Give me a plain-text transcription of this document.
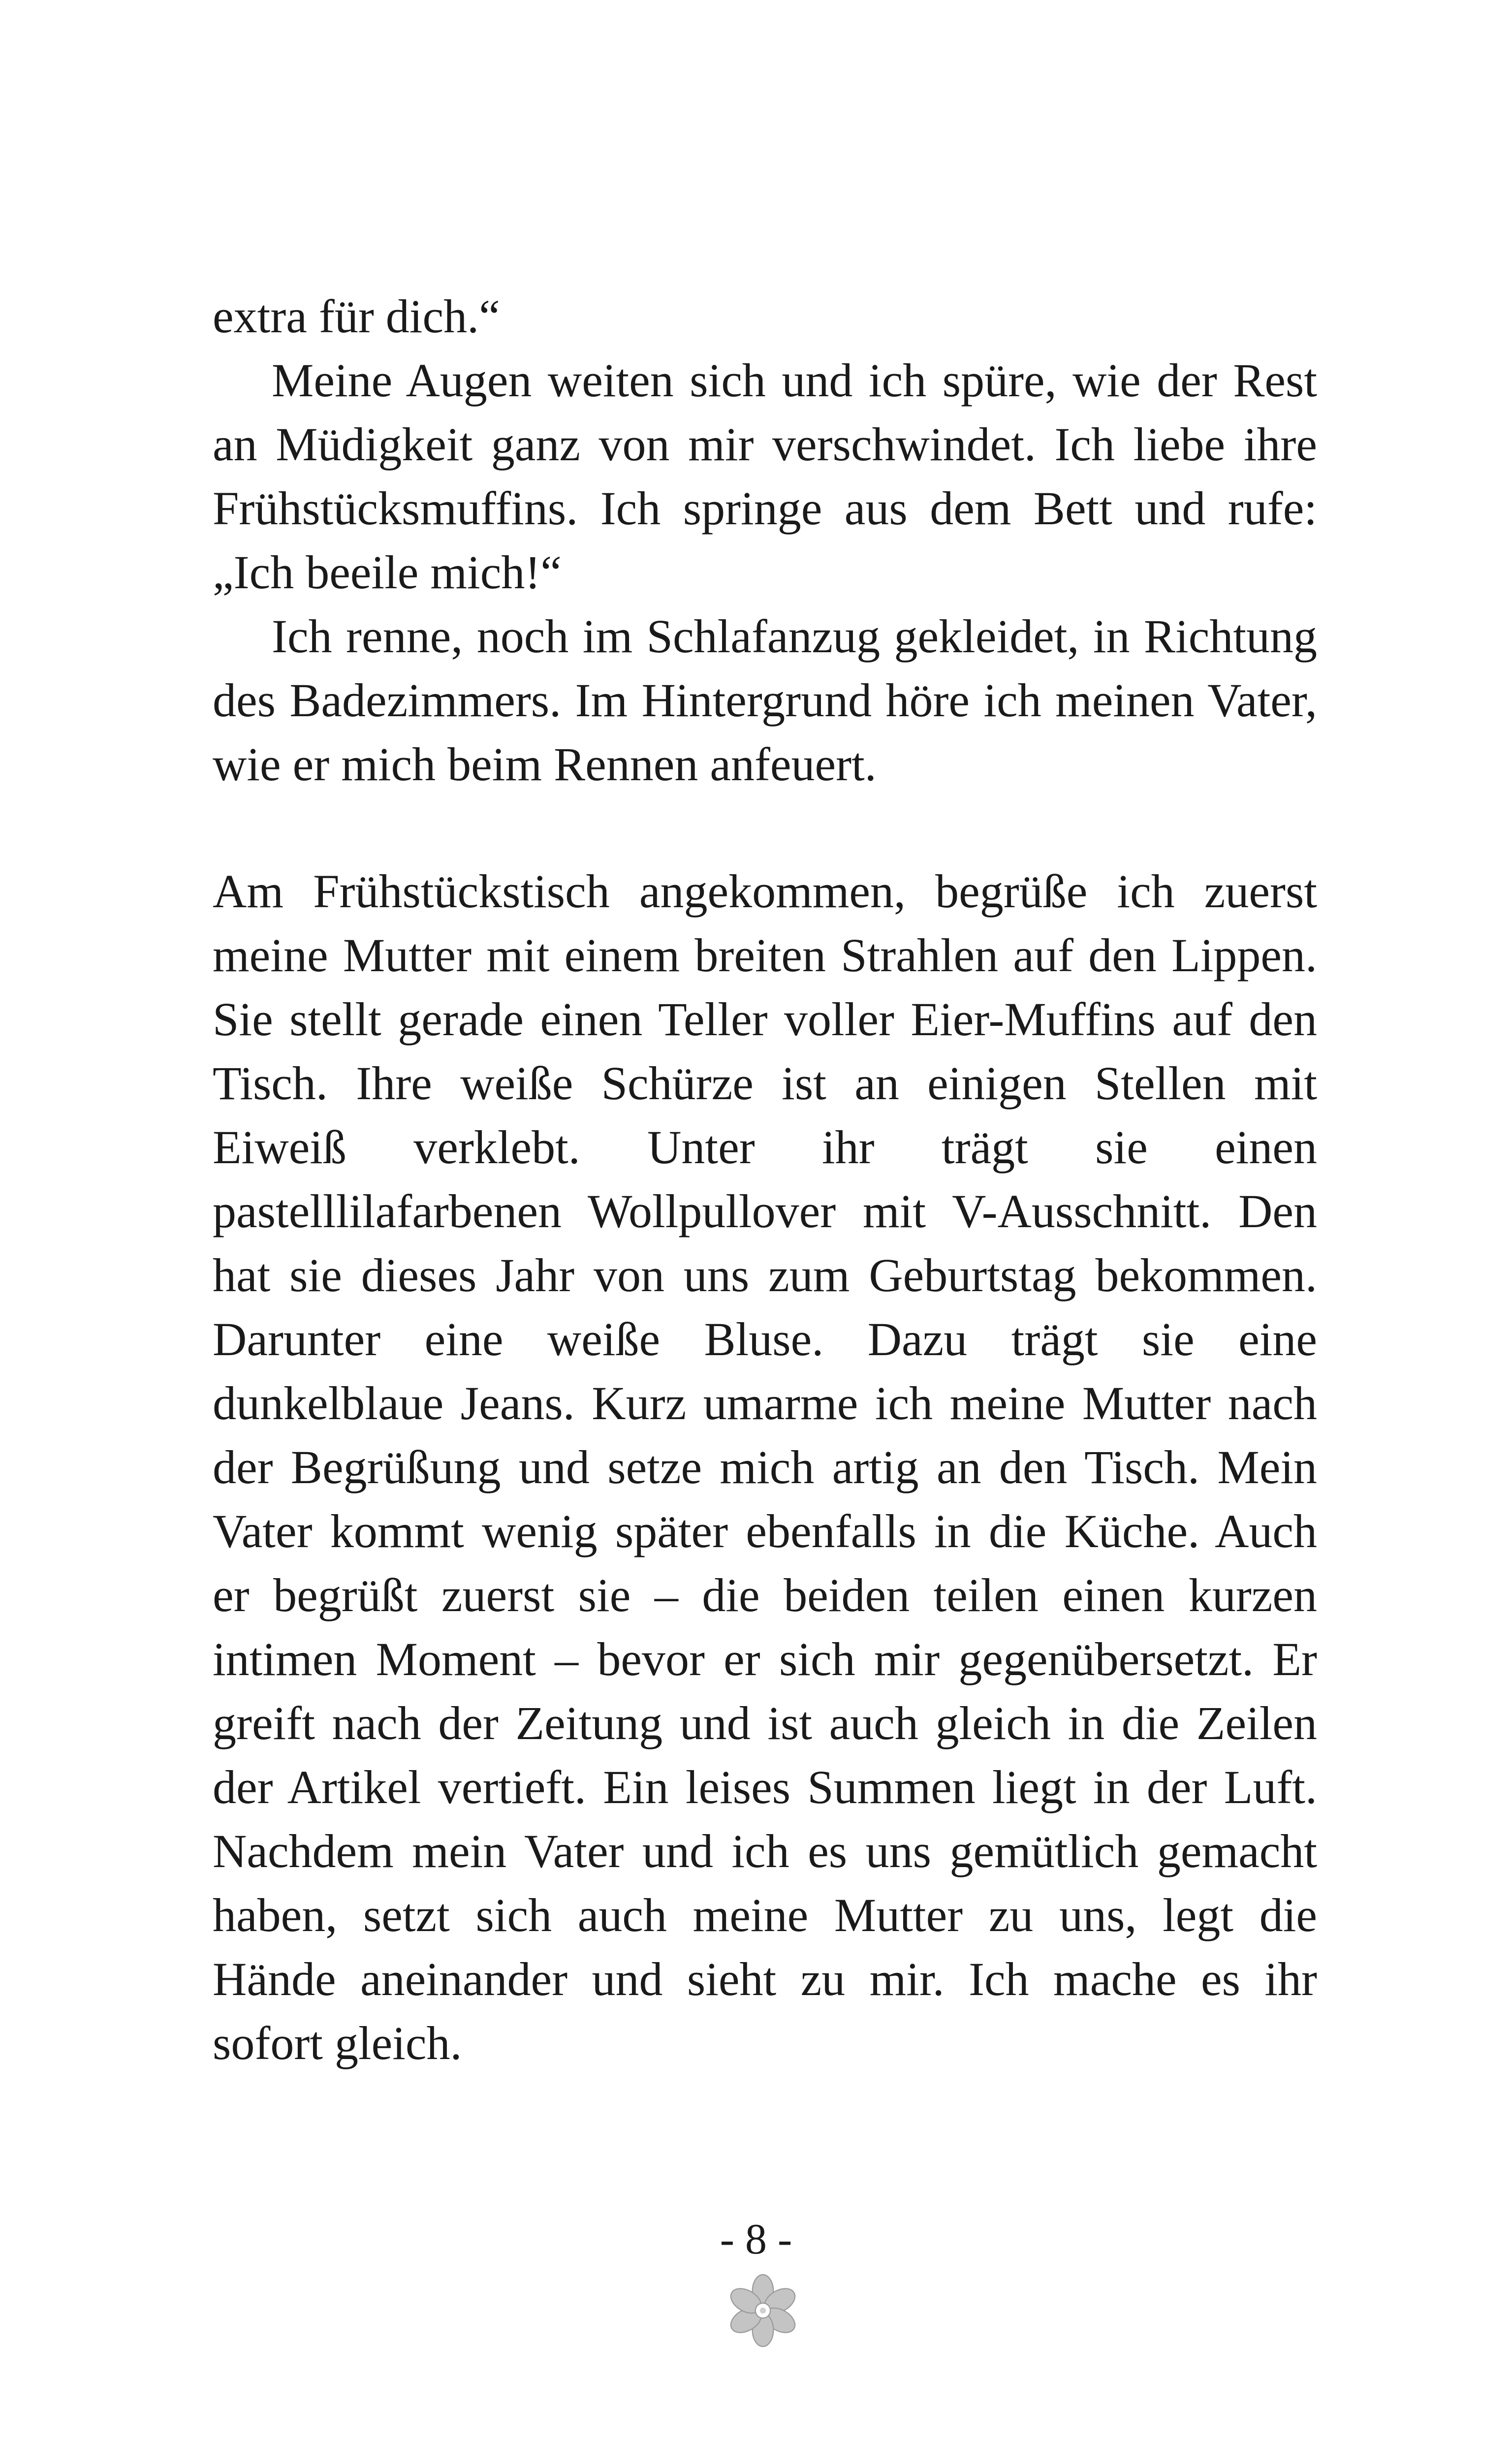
extra für dich.“

Meine Augen weiten sich und ich spüre, wie der Rest an Müdigkeit ganz von mir verschwindet. Ich liebe ihre Frühstücksmuffins. Ich springe aus dem Bett und rufe: „Ich beeile mich!“

Ich renne, noch im Schlafanzug gekleidet, in Richtung des Badezimmers. Im Hintergrund höre ich meinen Vater, wie er mich beim Rennen anfeuert.

Am Frühstückstisch angekommen, begrüße ich zuerst meine Mutter mit einem breiten Strahlen auf den Lippen. Sie stellt gerade einen Teller voller Eier-Muffins auf den Tisch. Ihre weiße Schürze ist an einigen Stellen mit Eiweiß verklebt. Unter ihr trägt sie einen pastelllilafarbenen Wollpullover mit V-Ausschnitt. Den hat sie dieses Jahr von uns zum Geburtstag bekommen. Darunter eine weiße Bluse. Dazu trägt sie eine dunkelblaue Jeans. Kurz umarme ich meine Mutter nach der Begrüßung und setze mich artig an den Tisch. Mein Vater kommt wenig später ebenfalls in die Küche. Auch er begrüßt zuerst sie – die beiden teilen einen kurzen intimen Moment – bevor er sich mir gegenübersetzt. Er greift nach der Zeitung und ist auch gleich in die Zeilen der Artikel vertieft. Ein leises Summen liegt in der Luft. Nachdem mein Vater und ich es uns gemütlich gemacht haben, setzt sich auch meine Mutter zu uns, legt die Hände aneinander und sieht zu mir. Ich mache es ihr sofort gleich.

- 8 -
